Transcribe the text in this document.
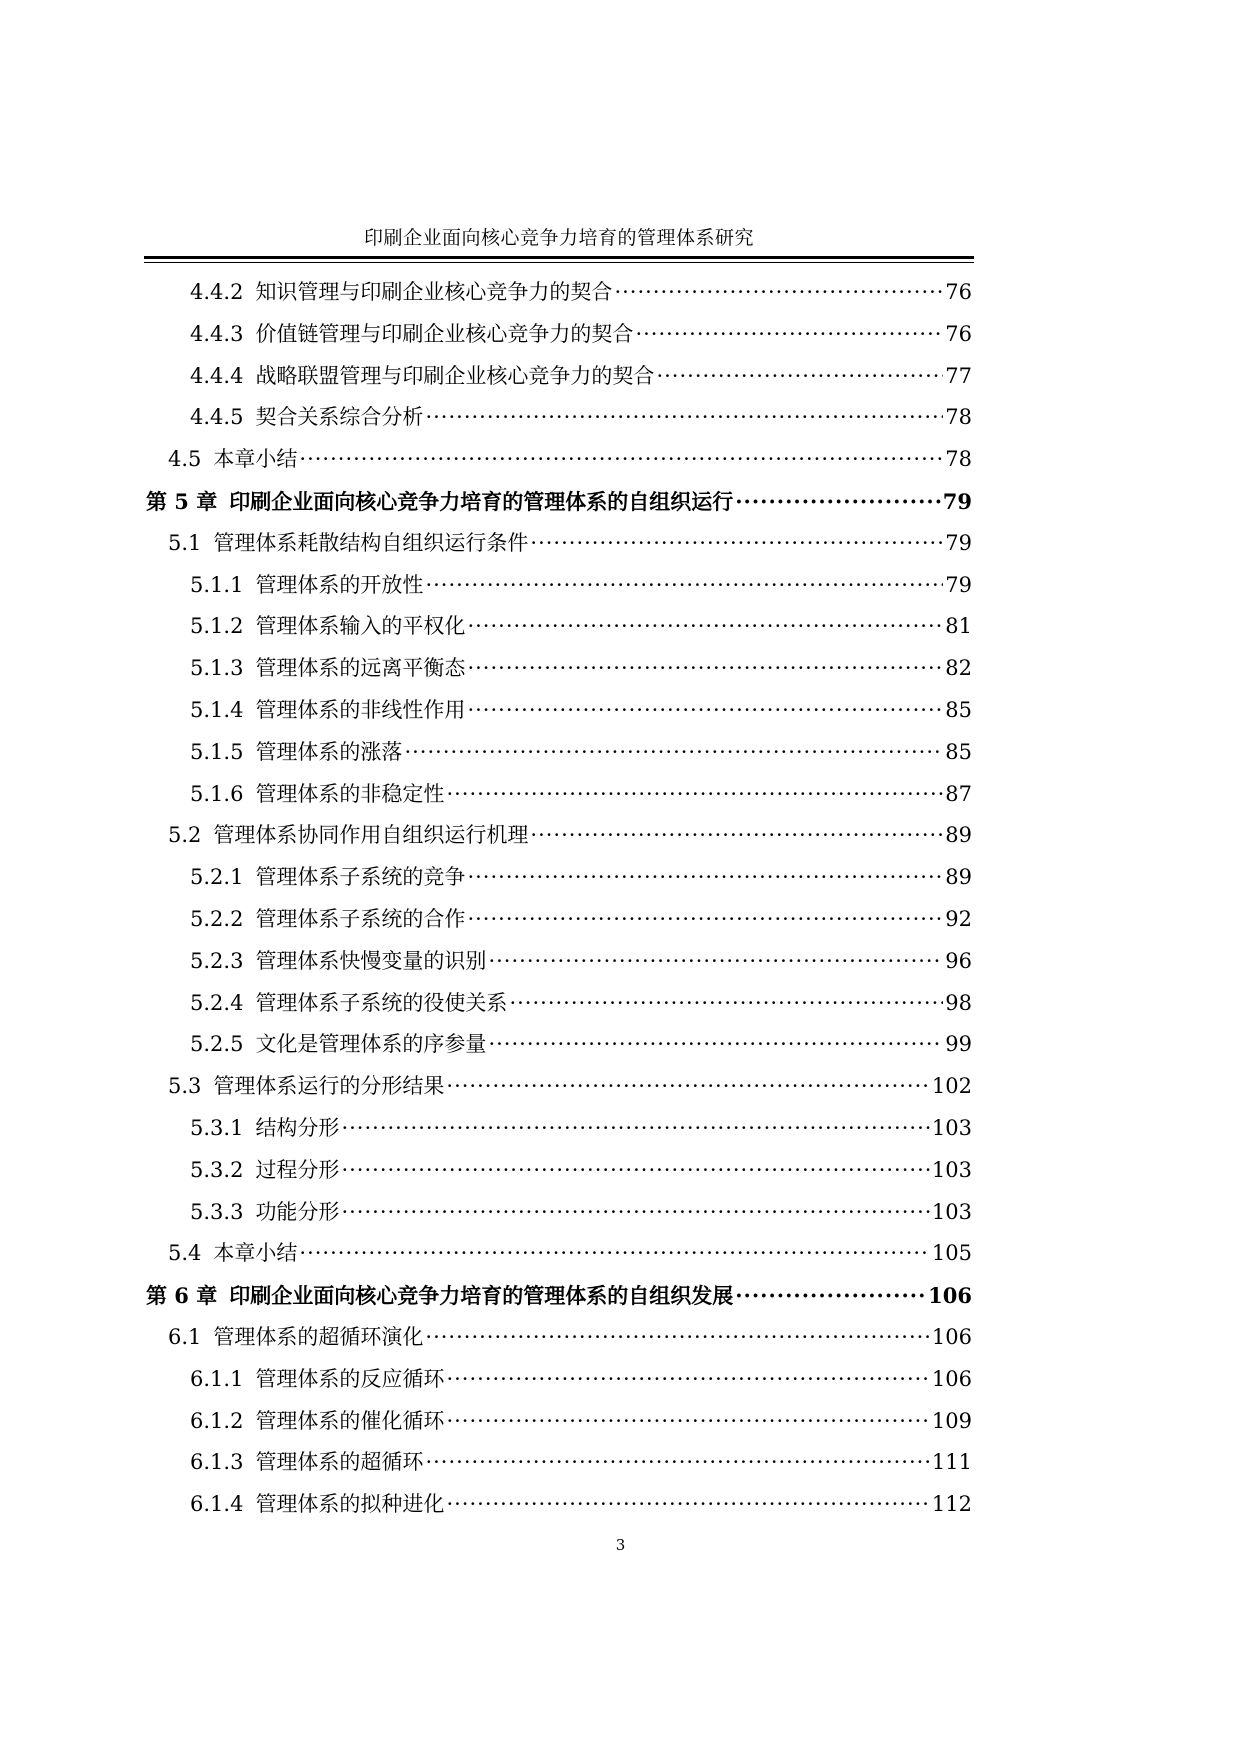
印刷企业面向核心竞争力培育的管理体系研究
4.4.2 知识管理与印刷企业核心竞争力的契合 ·····	76
4.4.3 价值链管理与印刷企业核心竞争力的契合 ·····	76
4.4.4 战略联盟管理与印刷企业核心竞争力的契合 ·····	77
4.4.5 契合关系综合分析 ·····	78
4.5 本章小结 ·····	78
第 5 章 印刷企业面向核心竞争力培育的管理体系的自组织运行 ·····	79
5.1 管理体系耗散结构自组织运行条件 ·····	79
5.1.1 管理体系的开放性 ·····	79
5.1.2 管理体系输入的平权化 ·····	81
5.1.3 管理体系的远离平衡态 ·····	82
5.1.4 管理体系的非线性作用 ·····	85
5.1.5 管理体系的涨落 ·····	85
5.1.6 管理体系的非稳定性 ·····	87
5.2 管理体系协同作用自组织运行机理 ·····	89
5.2.1 管理体系子系统的竞争 ·····	89
5.2.2 管理体系子系统的合作 ·····	92
5.2.3 管理体系快慢变量的识别 ·····	96
5.2.4 管理体系子系统的役使关系 ·····	98
5.2.5 文化是管理体系的序参量 ·····	99
5.3 管理体系运行的分形结果 ·····	102
5.3.1 结构分形 ·····	103
5.3.2 过程分形 ·····	103
5.3.3 功能分形 ·····	103
5.4 本章小结 ·····	105
第 6 章 印刷企业面向核心竞争力培育的管理体系的自组织发展 ·····	106
6.1 管理体系的超循环演化 ·····	106
6.1.1 管理体系的反应循环 ·····	106
6.1.2 管理体系的催化循环 ·····	109
6.1.3 管理体系的超循环 ·····	111
6.1.4 管理体系的拟种进化 ·····	112
3
